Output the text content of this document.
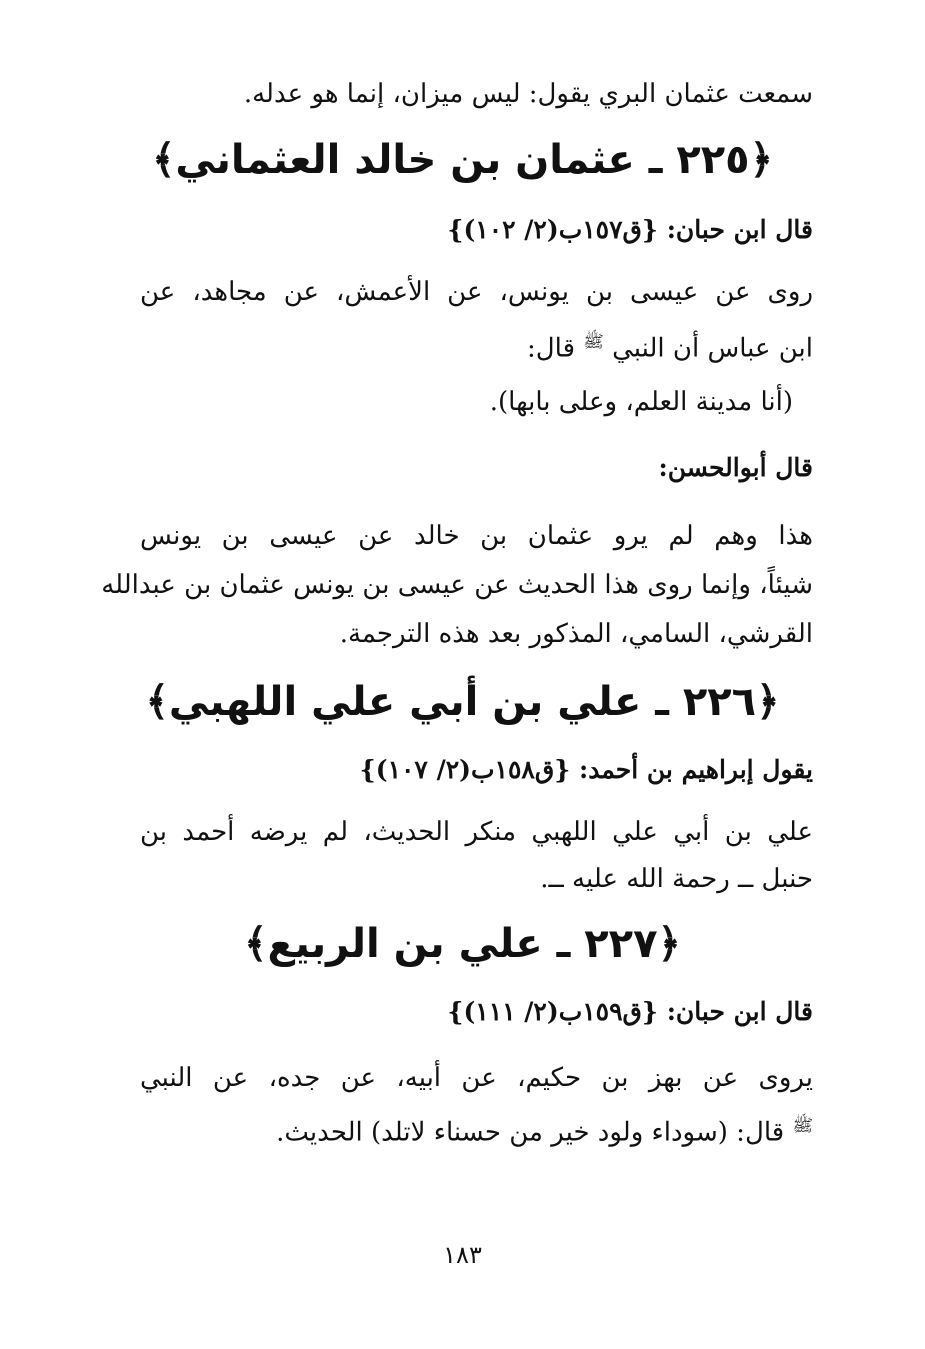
سمعت عثمان البري يقول: ليس ميزان، إنما هو عدله.
﴿٢٢٥ ـ عثمان بن خالد العثماني﴾
قال ابن حبان: {ق١٥٧ب(٢/ ١٠٢)}
روى عن عيسى بن يونس، عن الأعمش، عن مجاهد، عن
ابن عباس أن النبي $^ﷺ$ قال:
(أنا مدينة العلم، وعلى بابها).
قال أبوالحسن:
هذا وهم لم يرو عثمان بن خالد عن عيسى بن يونس
شيئاً، وإنما روى هذا الحديث عن عيسى بن يونس عثمان بن عبدالله
القرشي، السامي، المذكور بعد هذه الترجمة.
﴿٢٢٦ ـ علي بن أبي علي اللهبي﴾
يقول إبراهيم بن أحمد: {ق١٥٨ب(٢/ ١٠٧)}
علي بن أبي علي اللهبي منكر الحديث، لم يرضه أحمد بن
حنبل ــ رحمة الله عليه ــ.
﴿٢٢٧ ـ علي بن الربيع﴾
قال ابن حبان: {ق١٥٩ب(٢/ ١١١)}
يروى عن بهز بن حكيم، عن أبيه، عن جده، عن النبي
$^ﷺ$ قال: (سوداء ولود خير من حسناء لاتلد) الحديث.
١٨٣
